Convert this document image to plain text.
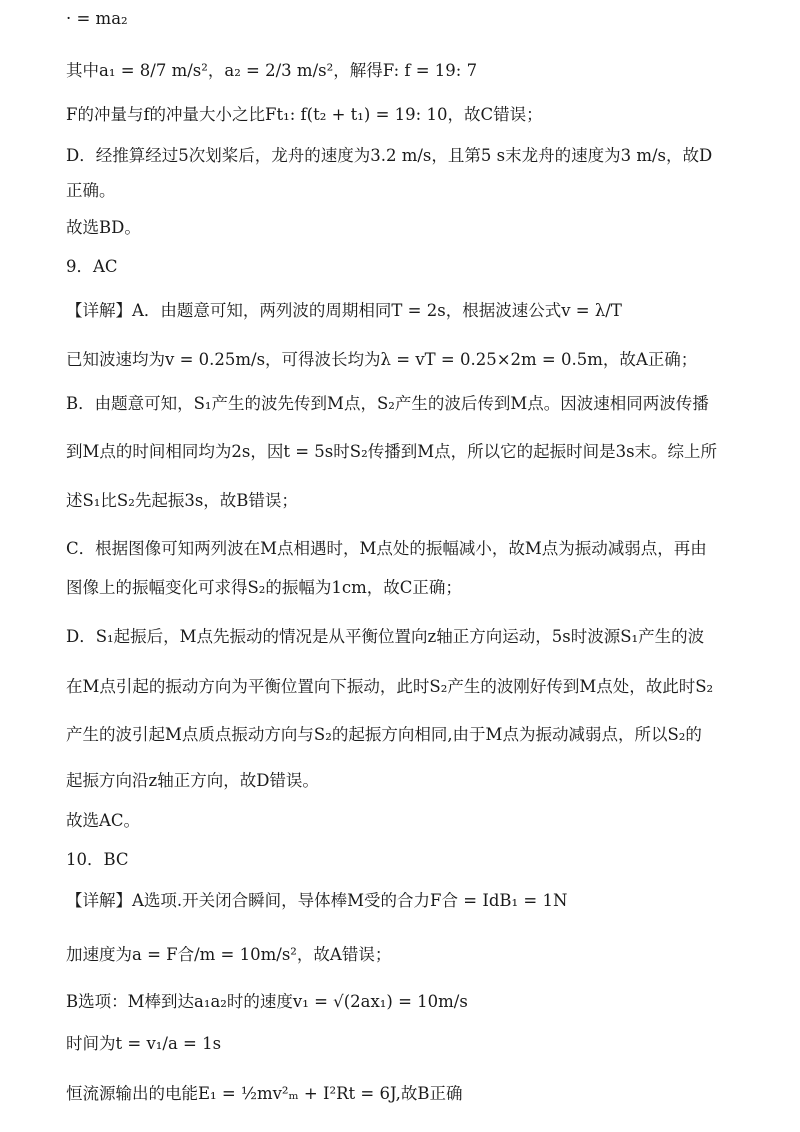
· = ma₂
其中a₁ = 8/7 m/s²，a₂ = 2/3 m/s²，解得F: f = 19: 7
F的冲量与f的冲量大小之比Ft₁: f(t₂ + t₁) = 19: 10，故C错误；
D．经推算经过5次划桨后，龙舟的速度为3.2 m/s，且第5 s末龙舟的速度为3 m/s，故D
正确。
故选BD。
9．AC
【详解】A．由题意可知，两列波的周期相同T = 2s，根据波速公式v = λ/T
已知波速均为v = 0.25m/s，可得波长均为λ = vT = 0.25×2m = 0.5m，故A正确；
B．由题意可知，S₁产生的波先传到M点，S₂产生的波后传到M点。因波速相同两波传播
到M点的时间相同均为2s，因t = 5s时S₂传播到M点，所以它的起振时间是3s末。综上所
述S₁比S₂先起振3s，故B错误；
C．根据图像可知两列波在M点相遇时，M点处的振幅减小，故M点为振动减弱点，再由
图像上的振幅变化可求得S₂的振幅为1cm，故C正确；
D．S₁起振后，M点先振动的情况是从平衡位置向z轴正方向运动，5s时波源S₁产生的波
在M点引起的振动方向为平衡位置向下振动，此时S₂产生的波刚好传到M点处，故此时S₂
产生的波引起M点质点振动方向与S₂的起振方向相同,由于M点为振动减弱点，所以S₂的
起振方向沿z轴正方向，故D错误。
故选AC。
10．BC
【详解】A选项.开关闭合瞬间，导体棒M受的合力F合 = IdB₁ = 1N
加速度为a = F合/m = 10m/s²，故A错误；
B选项：M棒到达a₁a₂时的速度v₁ = √(2ax₁) = 10m/s
时间为t = v₁/a = 1s
恒流源输出的电能E₁ = ½mv²ₘ + I²Rt = 6J,故B正确
